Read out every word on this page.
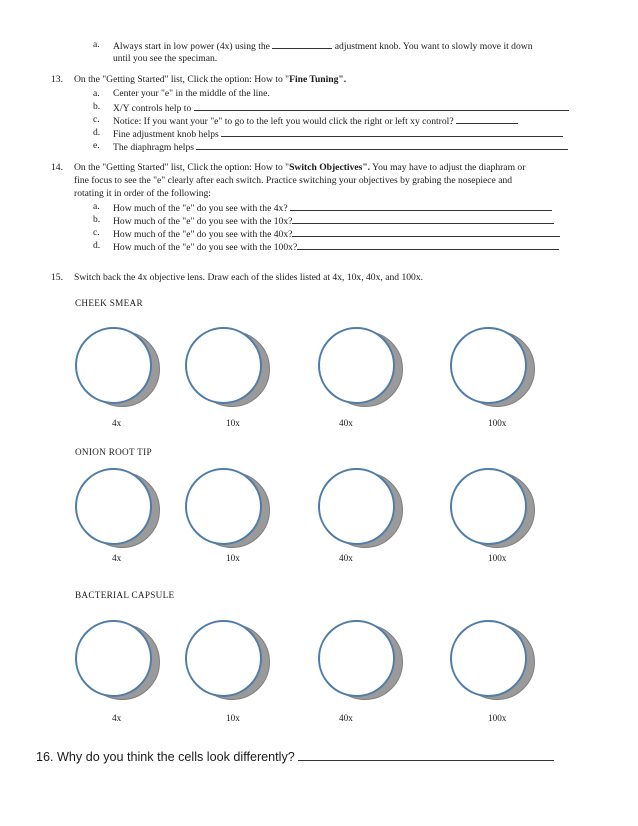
a. Always start in low power (4x) using the	adjustment knob. You want to slowly move it down
until you see the speciman.
13. On the "Getting Started" list, Click the option: How to "Fine Tuning".
a. Center your "e" in the middle of the line.
b. X/Y controls help to
c. Notice: If you want your "e" to go to the left you would click the right or left xy control?
d. Fine adjustment knob helps
e. The diaphragm helps
14. On the "Getting Started" list, Click the option: How to "Switch Objectives". You may have to adjust the diaphram or
fine focus to see the "e" clearly after each switch. Practice switching your objectives by grabing the nosepiece and
rotating it in order of the following:
a. How much of the "e" do you see with the 4x?
b. How much of the "e" do you see with the 10x?
c. How much of the "e" do you see with the 40x?
d. How much of the "e" do you see with the 100x?
15. Switch back the 4x objective lens. Draw each of the slides listed at 4x, 10x, 40x, and 100x.
CHEEK SMEAR
4x	10x	40x	100x
ONION ROOT TIP
4x	10x	40x	100x
BACTERIAL CAPSULE
4x	10x	40x	100x
16. Why do you think the cells look differently?
